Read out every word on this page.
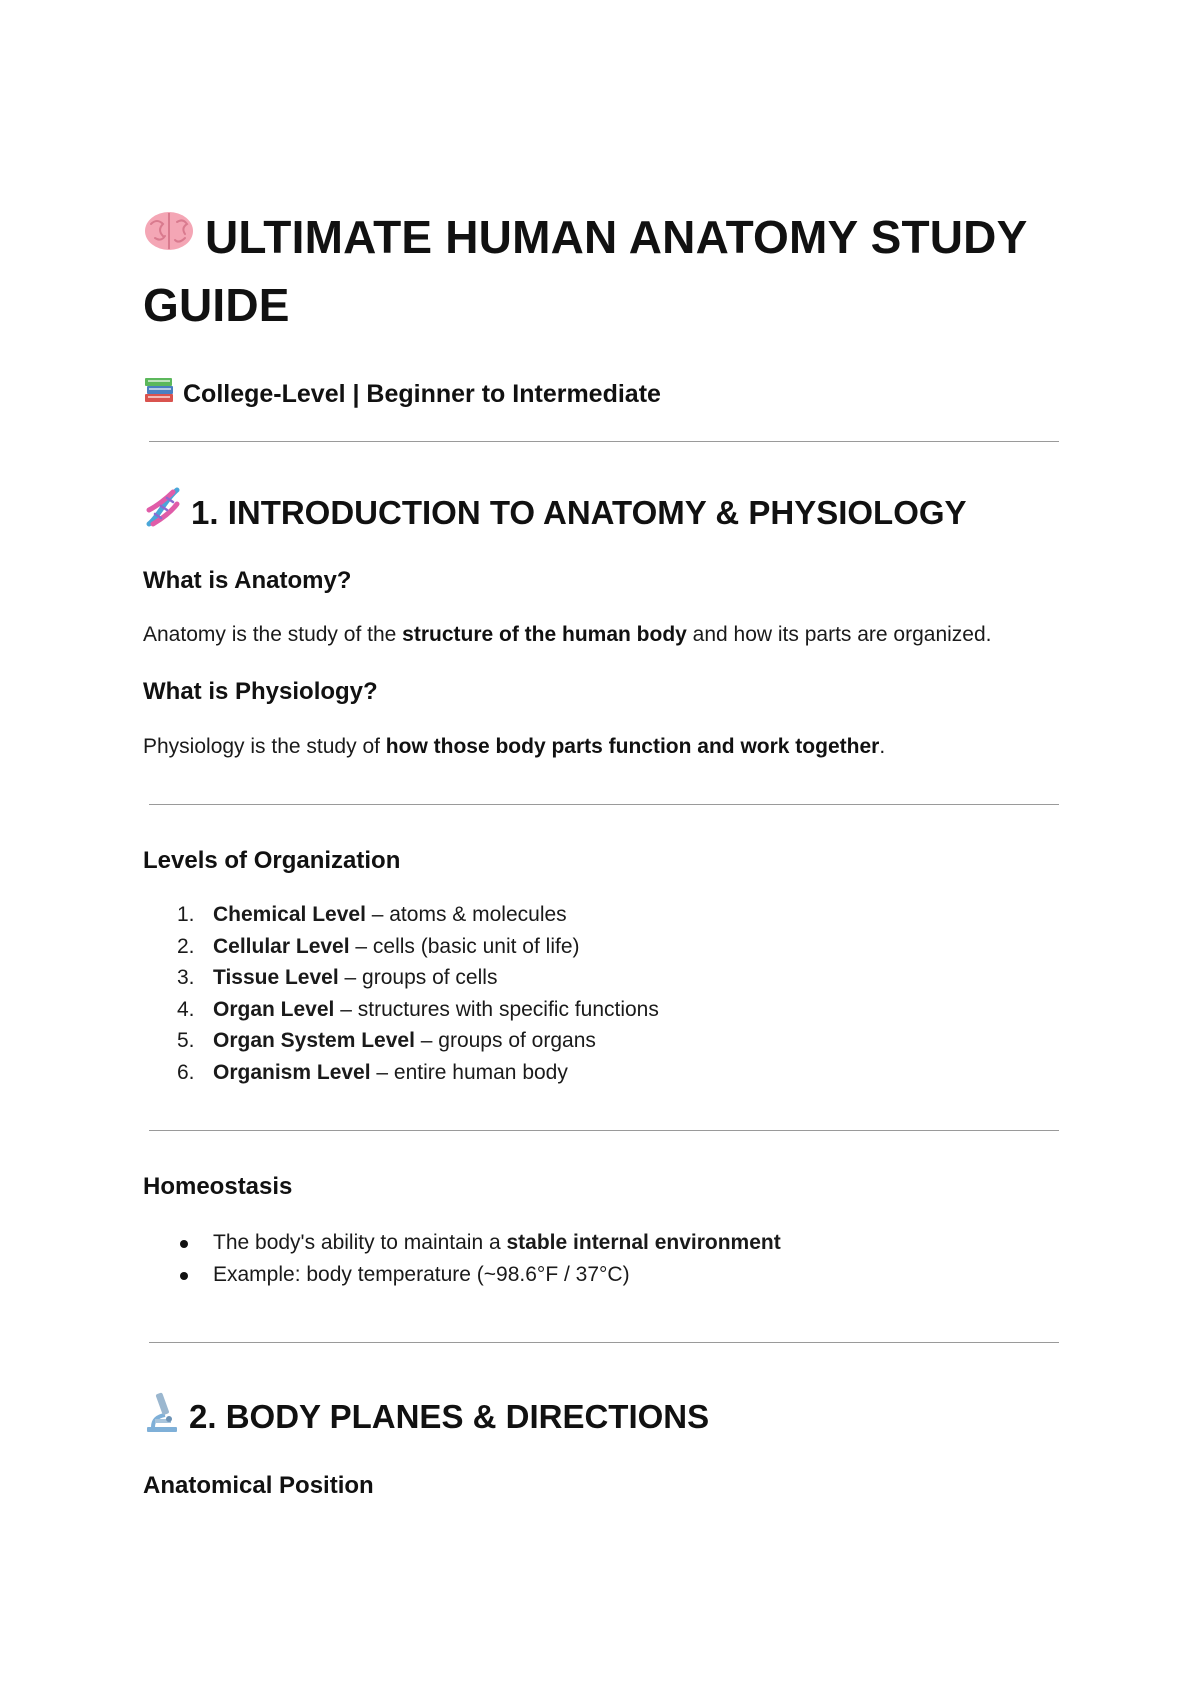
ULTIMATE HUMAN ANATOMY STUDY
GUIDE
College-Level | Beginner to Intermediate
1. INTRODUCTION TO ANATOMY & PHYSIOLOGY
What is Anatomy?

Anatomy is the study of the structure of the human body and how its parts are organized.

What is Physiology?

Physiology is the study of how those body parts function and work together.

Levels of Organization
1. Chemical Level – atoms & molecules
2. Cellular Level – cells (basic unit of life)
3. Tissue Level – groups of cells
4. Organ Level – structures with specific functions
5. Organ System Level – groups of organs
6. Organism Level – entire human body
Homeostasis
The body's ability to maintain a stable internal environment
Example: body temperature (~98.6°F / 37°C)
2. BODY PLANES & DIRECTIONS
Anatomical Position
